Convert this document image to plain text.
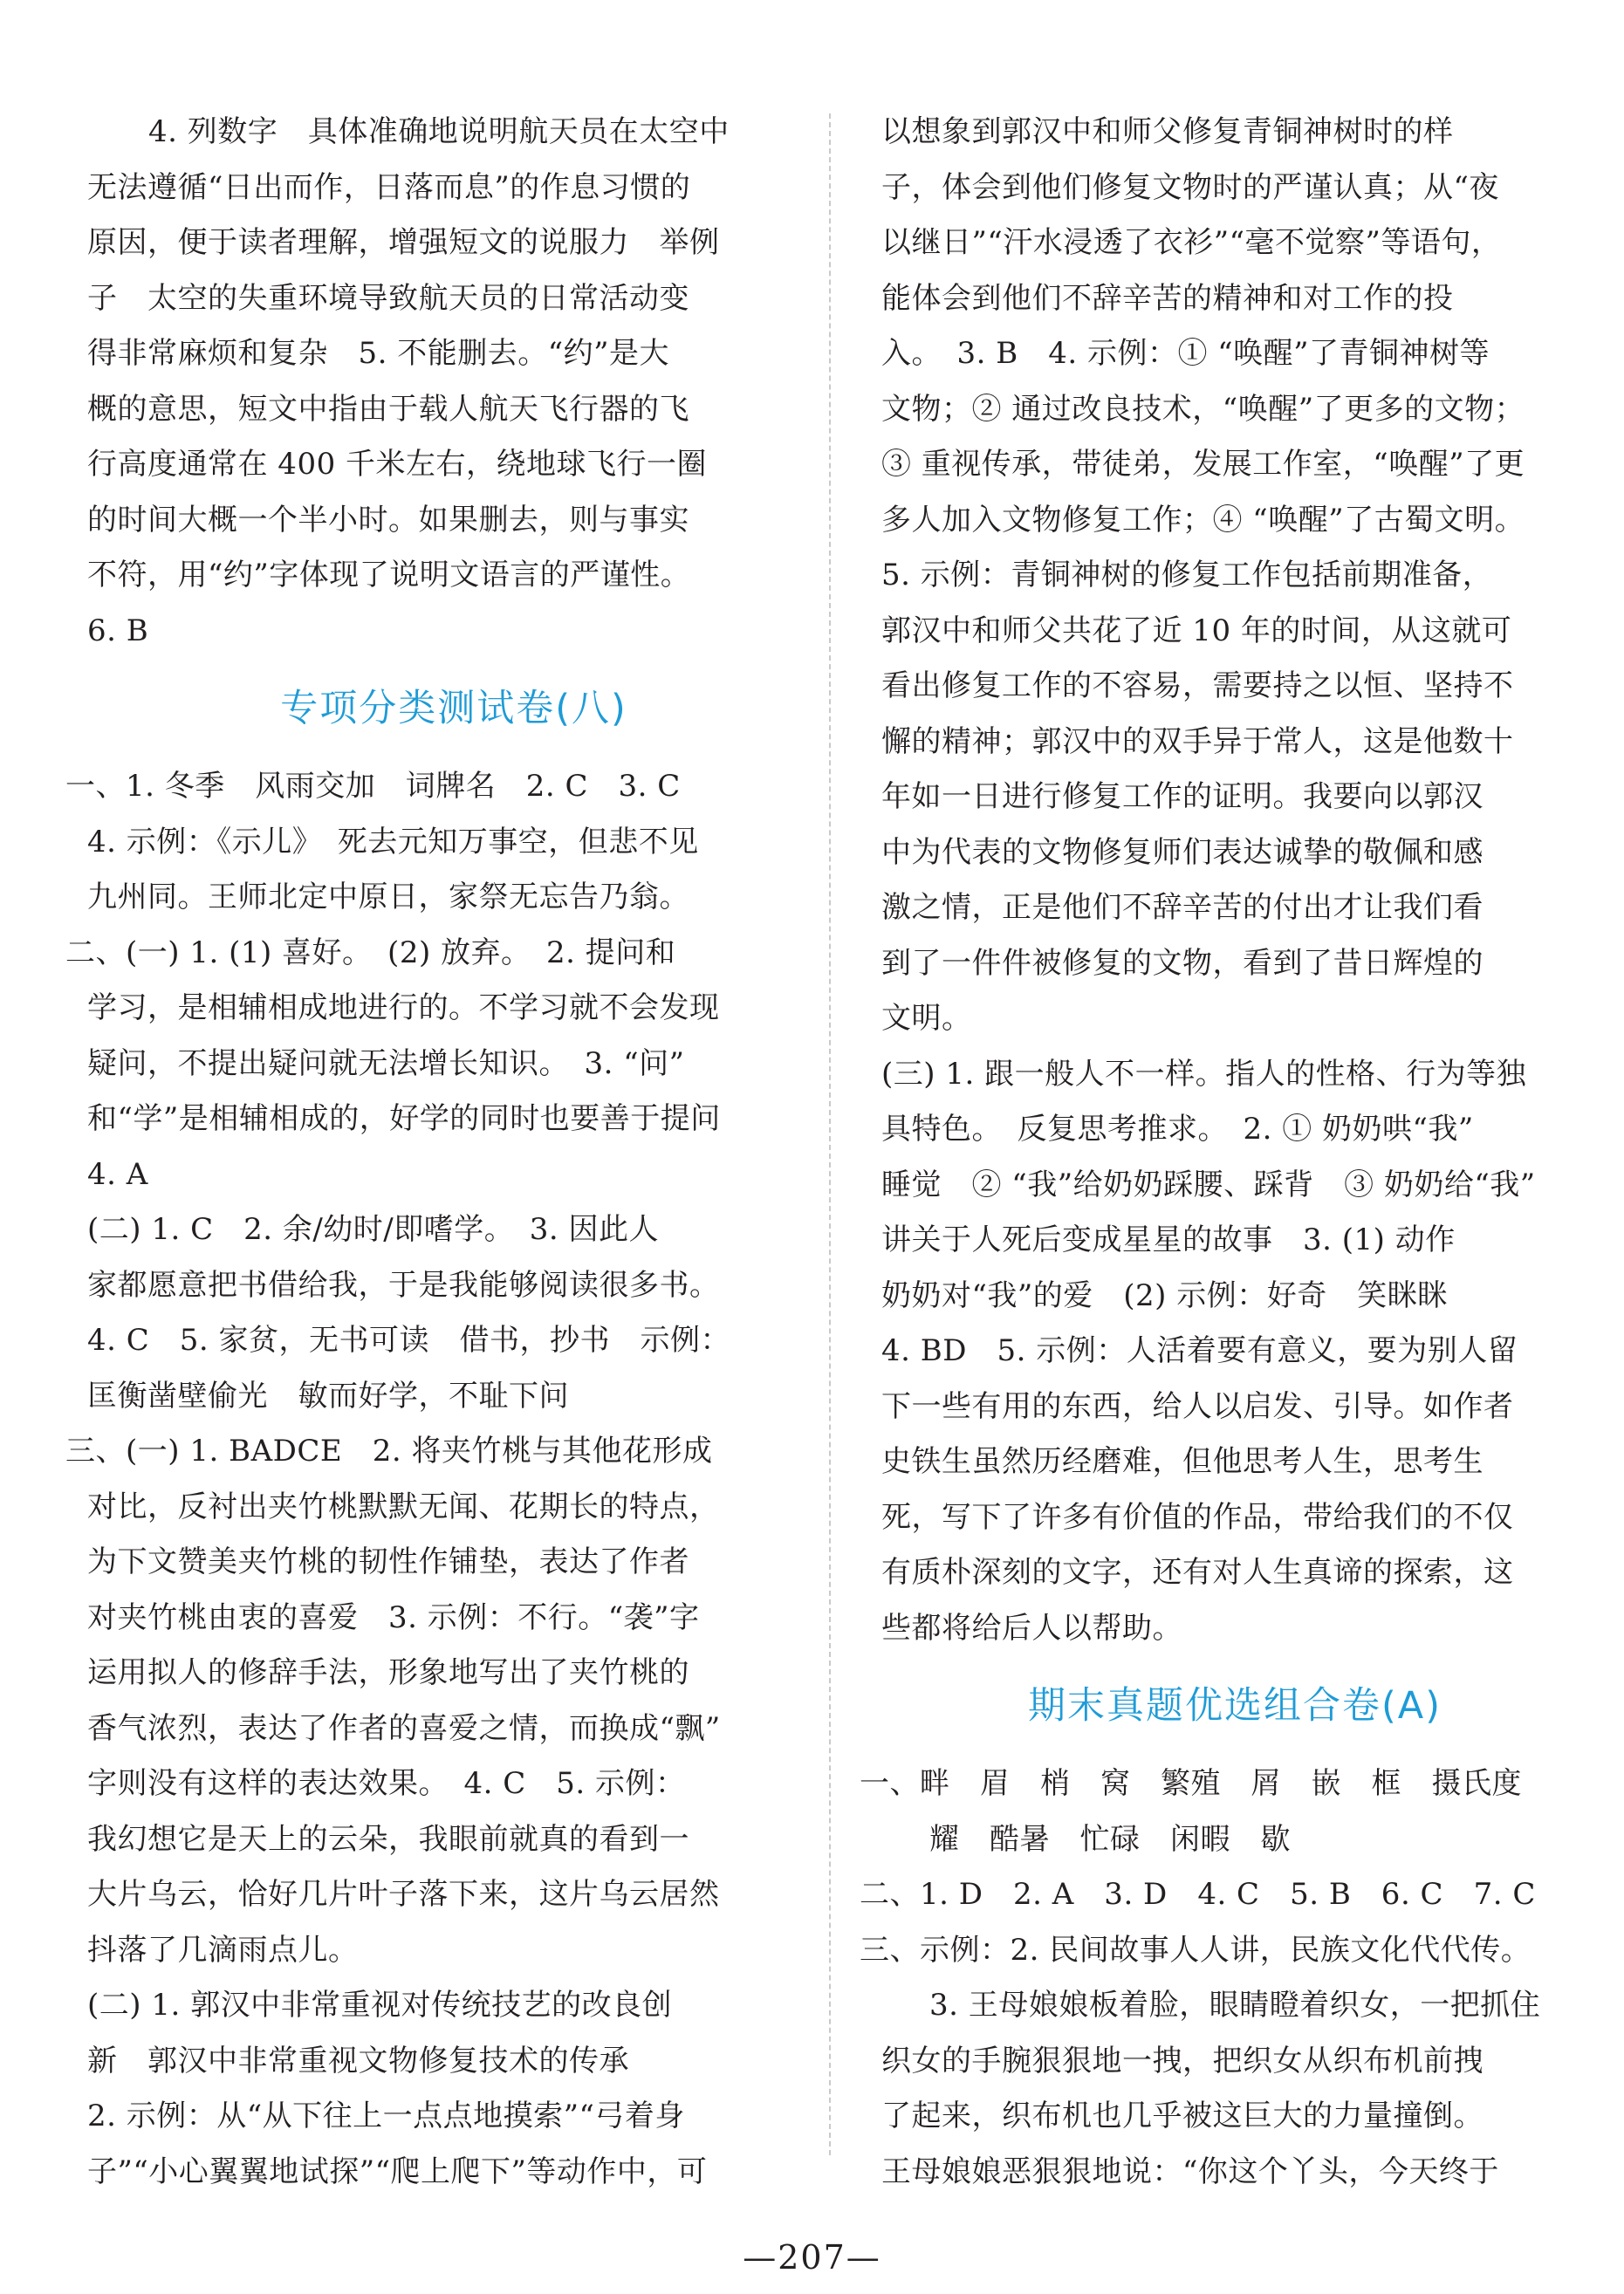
4. 列数字　具体准确地说明航天员在太空中
无法遵循“日出而作，日落而息”的作息习惯的
原因，便于读者理解，增强短文的说服力　举例
子　太空的失重环境导致航天员的日常活动变
得非常麻烦和复杂　5. 不能删去。“约”是大
概的意思，短文中指由于载人航天飞行器的飞
行高度通常在 400 千米左右，绕地球飞行一圈
的时间大概一个半小时。如果删去，则与事实
不符，用“约”字体现了说明文语言的严谨性。
6. B
专项分类测试卷(八)
一、1. 冬季　风雨交加　词牌名　2. C　3. C
4. 示例：《示儿》　死去元知万事空，但悲不见
九州同。王师北定中原日，家祭无忘告乃翁。
二、(一) 1. (1) 喜好。　(2) 放弃。　2. 提问和
学习，是相辅相成地进行的。不学习就不会发现
疑问，不提出疑问就无法增长知识。　3. “问”
和“学”是相辅相成的，好学的同时也要善于提问
4. A
(二) 1. C　2. 余/幼时/即嗜学。　3. 因此人
家都愿意把书借给我，于是我能够阅读很多书。
4. C　5. 家贫，无书可读　借书，抄书　示例：
匡衡凿壁偷光　敏而好学，不耻下问
三、(一) 1. BADCE　2. 将夹竹桃与其他花形成
对比，反衬出夹竹桃默默无闻、花期长的特点，
为下文赞美夹竹桃的韧性作铺垫，表达了作者
对夹竹桃由衷的喜爱　3. 示例：不行。“袭”字
运用拟人的修辞手法，形象地写出了夹竹桃的
香气浓烈，表达了作者的喜爱之情，而换成“飘”
字则没有这样的表达效果。　4. C　5. 示例：
我幻想它是天上的云朵，我眼前就真的看到一
大片乌云，恰好几片叶子落下来，这片乌云居然
抖落了几滴雨点儿。
(二) 1. 郭汉中非常重视对传统技艺的改良创
新　郭汉中非常重视文物修复技术的传承
2. 示例：从“从下往上一点点地摸索”“弓着身
子”“小心翼翼地试探”“爬上爬下”等动作中，可
以想象到郭汉中和师父修复青铜神树时的样
子，体会到他们修复文物时的严谨认真；从“夜
以继日”“汗水浸透了衣衫”“毫不觉察”等语句，
能体会到他们不辞辛苦的精神和对工作的投
入。　3. B　4. 示例：① “唤醒”了青铜神树等
文物；② 通过改良技术，“唤醒”了更多的文物；
③ 重视传承，带徒弟，发展工作室，“唤醒”了更
多人加入文物修复工作；④ “唤醒”了古蜀文明。
5. 示例：青铜神树的修复工作包括前期准备，
郭汉中和师父共花了近 10 年的时间，从这就可
看出修复工作的不容易，需要持之以恒、坚持不
懈的精神；郭汉中的双手异于常人，这是他数十
年如一日进行修复工作的证明。我要向以郭汉
中为代表的文物修复师们表达诚挚的敬佩和感
激之情，正是他们不辞辛苦的付出才让我们看
到了一件件被修复的文物，看到了昔日辉煌的
文明。
(三) 1. 跟一般人不一样。指人的性格、行为等独
具特色。　反复思考推求。　2. ① 奶奶哄“我”
睡觉　② “我”给奶奶踩腰、踩背　③ 奶奶给“我”
讲关于人死后变成星星的故事　3. (1) 动作
奶奶对“我”的爱　(2) 示例：好奇　笑眯眯
4. BD　5. 示例：人活着要有意义，要为别人留
下一些有用的东西，给人以启发、引导。如作者
史铁生虽然历经磨难，但他思考人生，思考生
死，写下了许多有价值的作品，带给我们的不仅
有质朴深刻的文字，还有对人生真谛的探索，这
些都将给后人以帮助。
期末真题优选组合卷(A)
一、畔　眉　梢　窝　繁殖　屑　嵌　框　摄氏度
耀　酷暑　忙碌　闲暇　歇
二、1. D　2. A　3. D　4. C　5. B　6. C　7. C
三、示例：2. 民间故事人人讲，民族文化代代传。
3. 王母娘娘板着脸，眼睛瞪着织女，一把抓住
织女的手腕狠狠地一拽，把织女从织布机前拽
了起来，织布机也几乎被这巨大的力量撞倒。
王母娘娘恶狠狠地说：“你这个丫头，今天终于
—207—
